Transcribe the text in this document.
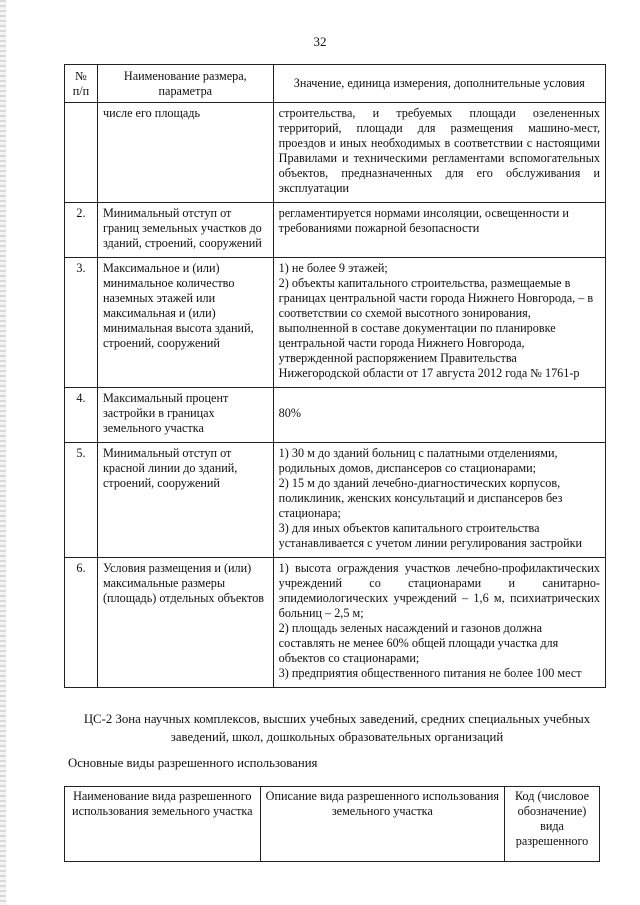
32
№ п/п	Наименование размера, параметра	Значение, единица измерения, дополнительные условия
	числе его площадь	строительства, и требуемых площади озелененных территорий, площади для размещения машино-мест, проездов и иных необходимых в соответствии с настоящими Правилами и техническими регламентами вспомогательных объектов, предназначенных для его обслуживания и эксплуатации
2.	Минимальный отступ от границ земельных участков до зданий, строений, сооружений	регламентируется нормами инсоляции, освещенности и требованиями пожарной безопасности

3.	Максимальное и (или) минимальное количество наземных этажей или максимальная и (или) минимальная высота зданий, строений, сооружений	1) не более 9 этажей;
2) объекты капитального строительства, размещаемые в границах центральной части города Нижнего Новгорода, – в соответствии со схемой высотного зонирования, выполненной в составе документации по планировке центральной части города Нижнего Новгорода, утвержденной распоряжением Правительства Нижегородской области от 17 августа 2012 года № 1761-р

4.	Максимальный процент застройки в границах земельного участка	80%

5.	Минимальный отступ от красной линии до зданий, строений, сооружений	1) 30 м до зданий больниц с палатными отделениями, родильных домов, диспансеров со стационарами;
2) 15 м до зданий лечебно-диагностических корпусов, поликлиник, женских консультаций и диспансеров без стационара;
3) для иных объектов капитального строительства устанавливается с учетом линии регулирования застройки

6.	Условия размещения и (или) максимальные размеры (площадь) отдельных объектов	1) высота ограждения участков лечебно-профилактических учреждений со стационарами и санитарно-эпидемиологических учреждений – 1,6 м, психиатрических больниц – 2,5 м;
2) площадь зеленых насаждений и газонов должна составлять не менее 60% общей площади участка для объектов со стационарами;
3) предприятия общественного питания не более 100 мест
ЦС-2 Зона научных комплексов, высших учебных заведений, средних специальных учебных заведений, школ, дошкольных образовательных организаций
Основные виды разрешенного использования
Наименование вида разрешенного использования земельного участка	Описание вида разрешенного использования земельного участка	Код (числовое обозначение) вида разрешенного
